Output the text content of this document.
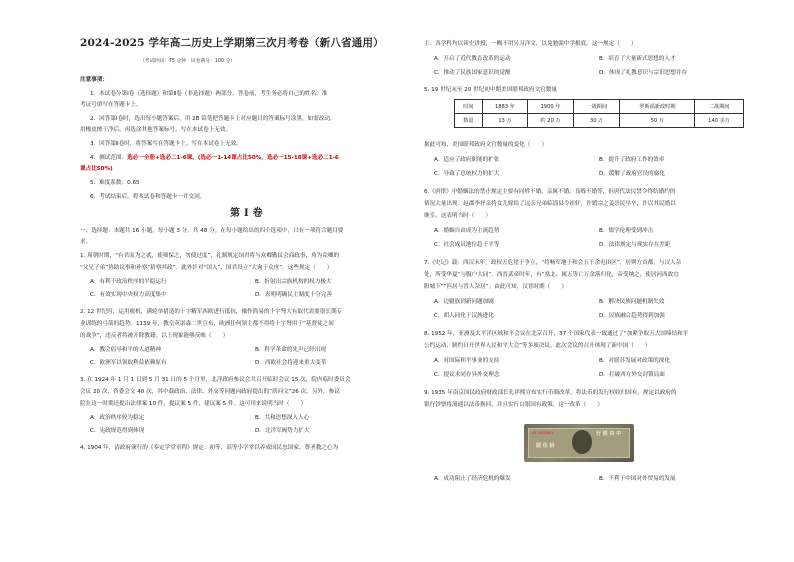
2024-2025 学年高二历史上学期第三次月考卷（新八省通用）
（考试时间：75 分钟　试卷满分：100 分）
注意事项：
1．本试卷分第Ⅰ卷（选择题）和第Ⅱ卷（非选择题）两部分。答卷前，考生务必将自己的姓名、准
考证号填写在答题卡上。
2．回答第Ⅰ卷时，选出每小题答案后，用 2B 铅笔把答题卡上对应题目的答案标号涂黑。如需改动，
用橡皮擦干净后，再选涂其他答案标号。写在本试卷上无效。
3．回答第Ⅱ卷时，将答案写在答题卡上。写在本试卷上无效。
4．测试范围：选必一全册+选必二1-6课。(选必一1-14课占比50%，选必一15-18课+选必二1-6
课占比50%)
5．难度系数：0.65
6．考试结束后，将本试卷和答题卡一并交回。
第Ⅰ卷
一、选择题：本题共 16 小题，每小题 3 分，共 48 分。在每小题给出的四个选项中，只有一项符合题目要
求。
1. 周朝时期，“有君而为之贰，使师保之，勿使过度”；礼制规定国君将与众卿勤议会商政事，角为众卿的
“父兄子弟”协助议事和补察“猜察其政”。此外针对“国人”，国君设立“大询于众庶”。这些规定（　　）
A．有利于政治秩序的平稳运行	B．折射出宗族机构的权力极大
C．有效实现中央权力高度集中	D．表明明确民主制度十分完善
2. 12 世纪时，运用税机，满轮举措造的十字精军西欧进行抵抗，操作简易的十字弩大有取代需要很长期专
业训练的弓箭的趋势。1139 年，教皇英诺森二世宣布，欧洲任何领主都不得将十字弩用于“基督徒之间
的战争”，违反者将被开除教籍。以上现象能够反映（　　）
A．教会倡导和平的人道精神	B．科学革命的先声已经出现
C．欧洲军以领取利益依赖原有	D．西欧社会将迎来重大变革
3. 在 1924 年 1 月 1 日到 5 月 31 日的 5 个月里，北洋政府参议会共召开临时会议 15 次，院内临时委员会
会议 20 次，咨委会文 40 次，其中载政治、法律、外交等问题向政府提出的“质问文”26 次。另外，参议
院在这一时期还提出法律案 10 件，提议案 5 件，建议案 5 件。这可用来说明当时（　　）
A．政治秩序较为稳定	B．共和思想深入人心
C．宪政规范得到体现	D．北洋军阀势力扩大
4. 1904 年，清政府颁行的《奏定学堂章程》规定：初等、高等小学堂以养成国民忠国家、尊圣教之心为
主；各学科均以读史讲授，一概不用另习洋文，以免勉强中学根底。这一规定（　　）
A．开启了近代教育改革的运动	B．培育了大量新式思想的人才
C．推动了民族国家意识的觉醒	D．体现了礼教意识与宗旧思想并存
5. 19 世纪末至 20 世纪初中期美国联邦政府文官数量
时间	1883 年	1900 年	一战期间	罗斯福新政时期	二战期间
数量	13 万	约 20 万	30 万	50 万	140 多万
据此可知，美国联邦政府文官数量的变化（　　）
A．适应了政府职能的扩张	B．提升了政府工作的效率
C．导致了总统权力的扩大	D．缓解了政府官员的腐化
6.《唐律》中婚姻法的禁止规定主要有同姓不婚，亲属不婚，良贱不婚等，但唐代法民禁令终结婚约的
情况大量出现：赵郡李抒亲将女儿嫁给了远亲兄弟临淄县令崔轩，许婚宗之姜崇民早卒，许以其民婚以
继室。这表明当时（　　）
A．婚姻自由成为主流趋势	B．儒学伦理受到冲击
C．社会成员地位趋于平等	D．法律规定与现实存在差距
7.《史记》载：西汉末年，政权五危崖于争立，“将畅军地于和会五千余屯田区”，居朔方首都，与汉人杂
处，所受华夏“与腹户大同”。西晋武帝时年，有“塞北、属五等亡万余落归化，帝受纳之，使居河西故宜
阳城下”“匹居与晋人杂居”。由此可知，汉晋时期（　　）
A．边疆族到新问题加剧	B．解决民族问题机制失效
C．胡人同化于汉族进化	D．民族融合趋势得到加强
8. 1952 年，亚洲及太平洋区域和平会议在北京召开，37 个国家代表一致通过了“加紧争取五大国缔结和平
公约运动，制约日开世界人民和平大会”等多项决议。此次会议的召开体现了新中国（　　）
A．对国际和平事业的支持	B．对联苏发展对政策的深化
C．提议求同存异外交理念	D．打破西方外交封锁局面
9. 1935 年南京国民政府财政部长孔祥熙宣布实行币制改革，将法币的发行权收归国有，规定以政府的
银行钞票将流通以法币换回，并且实行白银国有政策。这一改革（　　）
行 银 央 中
圆 伍 拾
AF 023961
A．成功阻止了经济危机的爆发	B．不利于中国对外贸易的发展
